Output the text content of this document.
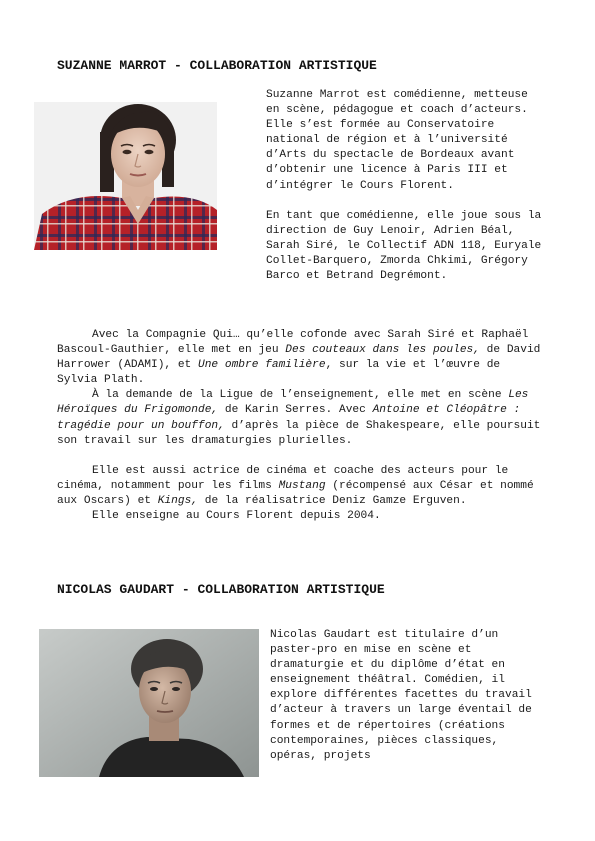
SUZANNE MARROT - COLLABORATION ARTISTIQUE

Suzanne Marrot est comédienne, metteuse en scène, pédagogue et coach d’acteurs. Elle s’est formée au Conservatoire national de région et à l’université d’Arts du spectacle de Bordeaux avant d’obtenir une licence à Paris III et d’intégrer le Cours Florent.

En tant que comédienne, elle joue sous la direction de Guy Lenoir, Adrien Béal, Sarah Siré, le Collectif ADN 118, Euryale Collet-Barquero, Zmorda Chkimi, Grégory Barco et Betrand Degrémont.

Avec la Compagnie Qui… qu’elle cofonde avec Sarah Siré et Raphaël Bascoul-Gauthier, elle met en jeu Des couteaux dans les poules, de David Harrower (ADAMI), et Une ombre familière, sur la vie et l’œuvre de Sylvia Plath.

À la demande de la Ligue de l’enseignement, elle met en scène Les Héroïques du Frigomonde, de Karin Serres. Avec Antoine et Cléopâtre : tragédie pour un bouffon, d’après la pièce de Shakespeare, elle poursuit son travail sur les dramaturgies plurielles.

Elle est aussi actrice de cinéma et coache des acteurs pour le cinéma, notamment pour les films Mustang (récompensé aux César et nommé aux Oscars) et Kings, de la réalisatrice Deniz Gamze Erguven.

Elle enseigne au Cours Florent depuis 2004.

NICOLAS GAUDART - COLLABORATION ARTISTIQUE

Nicolas Gaudart est titulaire d’un paster-pro en mise en scène et dramaturgie et du diplôme d’état en enseignement théâtral. Comédien, il explore différentes facettes du travail d’acteur à travers un large éventail de formes et de répertoires (créations contemporaines, pièces classiques, opéras, projets
